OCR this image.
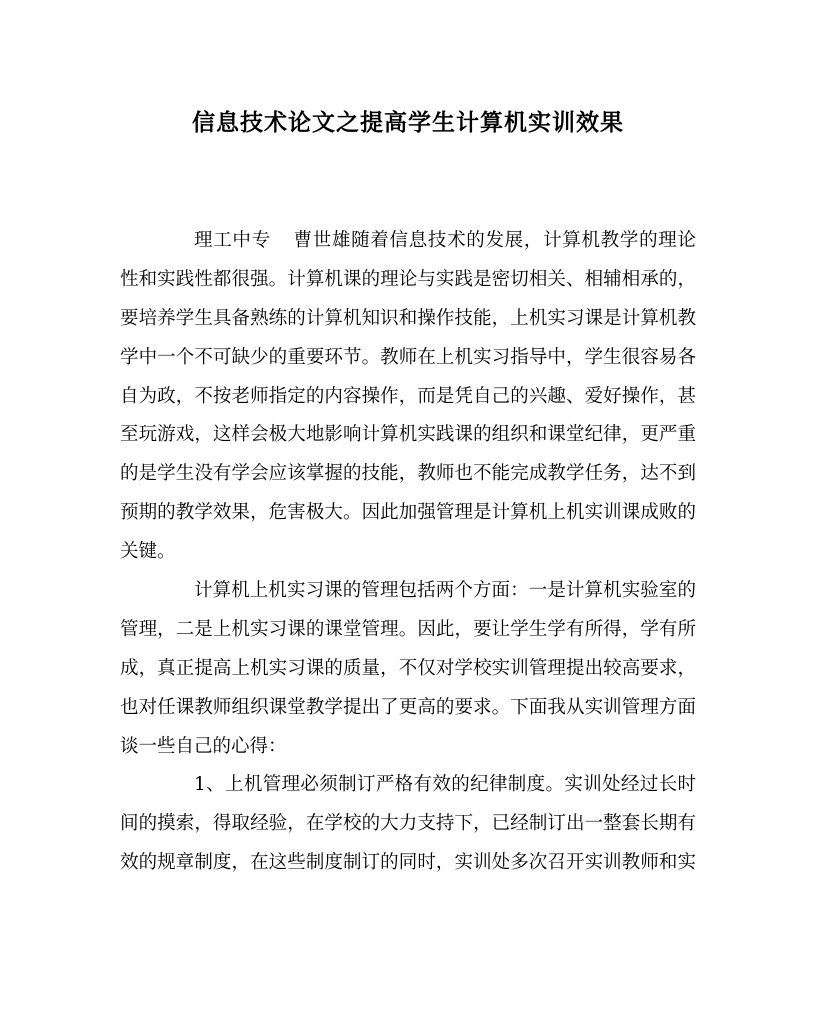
信息技术论文之提高学生计算机实训效果
理工中专 曹世雄随着信息技术的发展，计算机教学的理论
性和实践性都很强。计算机课的理论与实践是密切相关、相辅相承的，
要培养学生具备熟练的计算机知识和操作技能，上机实习课是计算机教
学中一个不可缺少的重要环节。教师在上机实习指导中，学生很容易各
自为政，不按老师指定的内容操作，而是凭自己的兴趣、爱好操作，甚
至玩游戏，这样会极大地影响计算机实践课的组织和课堂纪律，更严重
的是学生没有学会应该掌握的技能，教师也不能完成教学任务，达不到
预期的教学效果，危害极大。因此加强管理是计算机上机实训课成败的
关键。
计算机上机实习课的管理包括两个方面：一是计算机实验室的
管理，二是上机实习课的课堂管理。因此，要让学生学有所得，学有所
成，真正提高上机实习课的质量，不仅对学校实训管理提出较高要求，
也对任课教师组织课堂教学提出了更高的要求。下面我从实训管理方面
谈一些自己的心得：
1、上机管理必须制订严格有效的纪律制度。实训处经过长时
间的摸索，得取经验，在学校的大力支持下，已经制订出一整套长期有
效的规章制度，在这些制度制订的同时，实训处多次召开实训教师和实
